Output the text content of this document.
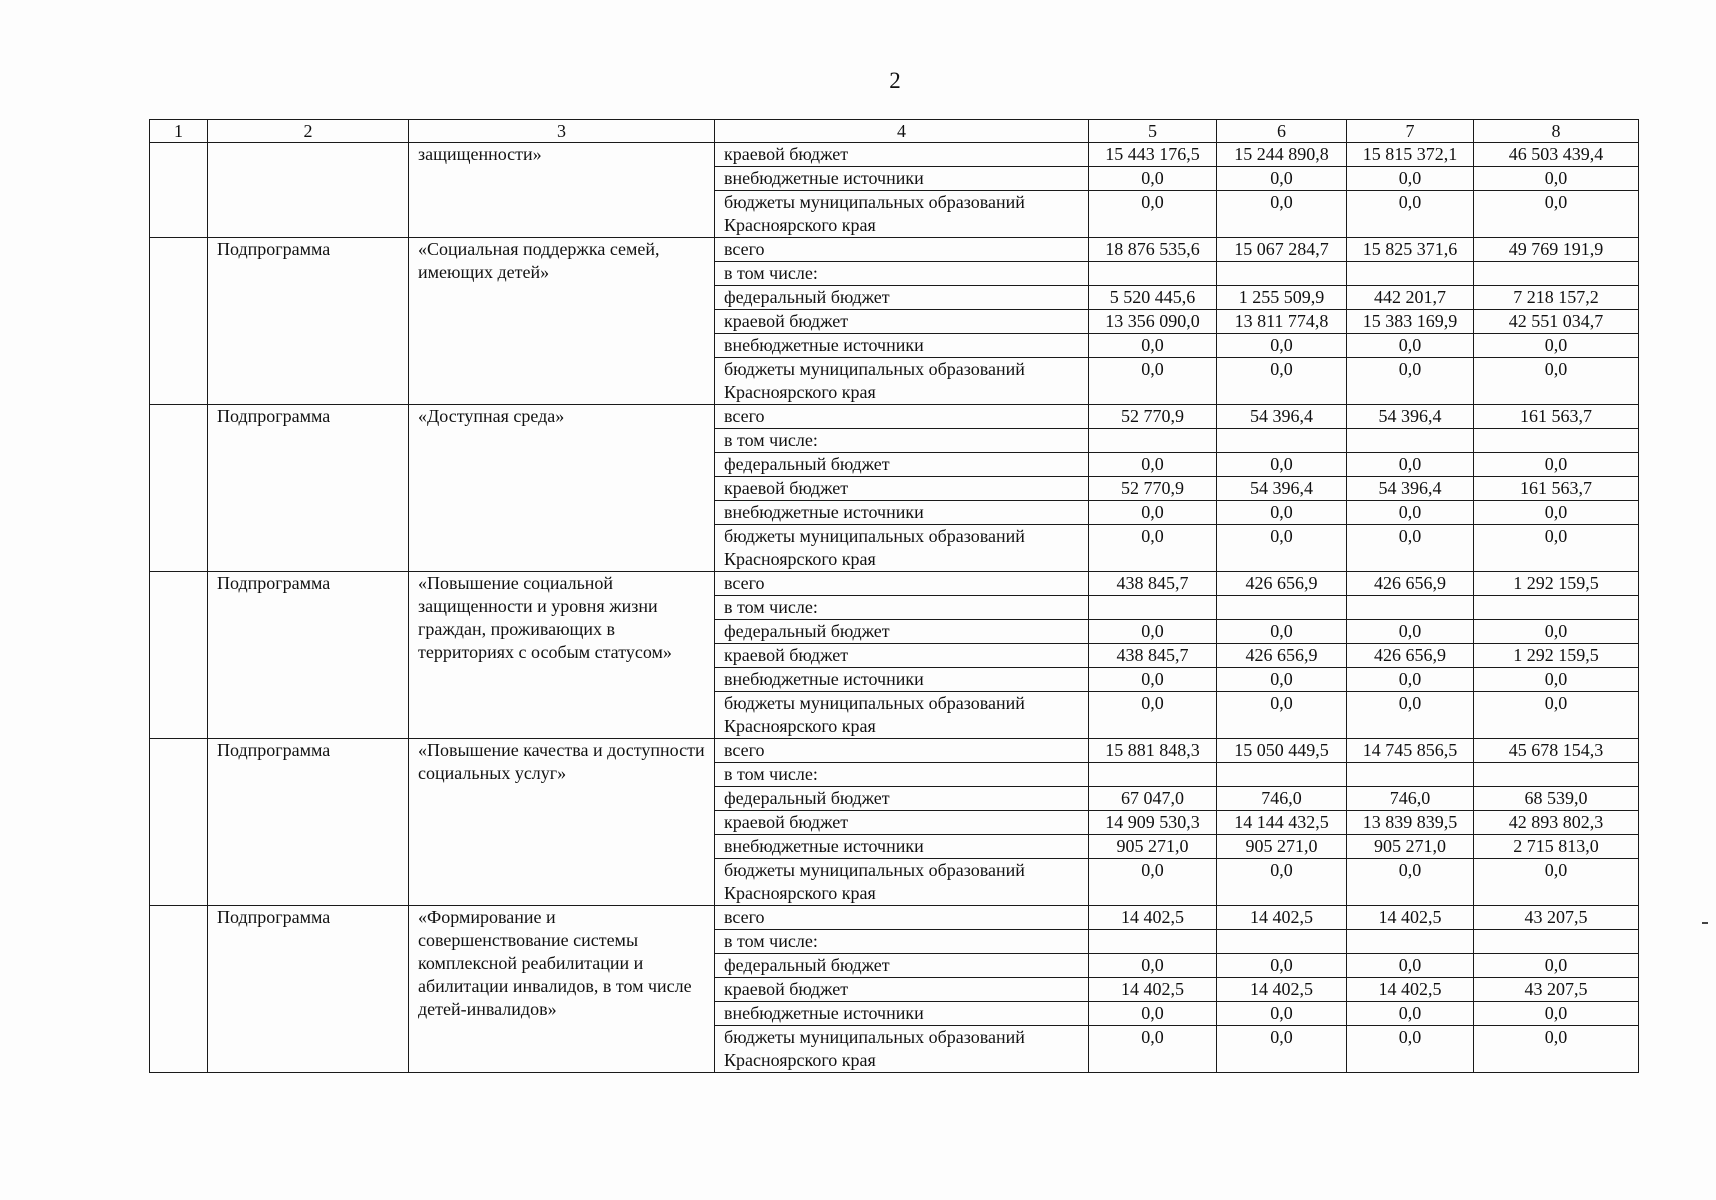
2
1	2	3	4	5	6	7	8
		защищенности»	краевой бюджет	15 443 176,5	15 244 890,8	15 815 372,1	46 503 439,4
			внебюджетные источники	0,0	0,0	0,0	0,0
			бюджеты муниципальных образований Красноярского края	0,0	0,0	0,0	0,0
	Подпрограмма	«Социальная поддержка семей, имеющих детей»	всего	18 876 535,6	15 067 284,7	15 825 371,6	49 769 191,9
			в том числе:				
			федеральный бюджет	5 520 445,6	1 255 509,9	442 201,7	7 218 157,2
			краевой бюджет	13 356 090,0	13 811 774,8	15 383 169,9	42 551 034,7
			внебюджетные источники	0,0	0,0	0,0	0,0
			бюджеты муниципальных образований Красноярского края	0,0	0,0	0,0	0,0
	Подпрограмма	«Доступная среда»	всего	52 770,9	54 396,4	54 396,4	161 563,7
			в том числе:				
			федеральный бюджет	0,0	0,0	0,0	0,0
			краевой бюджет	52 770,9	54 396,4	54 396,4	161 563,7
			внебюджетные источники	0,0	0,0	0,0	0,0
			бюджеты муниципальных образований Красноярского края	0,0	0,0	0,0	0,0
	Подпрограмма	«Повышение социальной защищенности и уровня жизни граждан, проживающих в территориях с особым статусом»	всего	438 845,7	426 656,9	426 656,9	1 292 159,5
			в том числе:				
			федеральный бюджет	0,0	0,0	0,0	0,0
			краевой бюджет	438 845,7	426 656,9	426 656,9	1 292 159,5
			внебюджетные источники	0,0	0,0	0,0	0,0
			бюджеты муниципальных образований Красноярского края	0,0	0,0	0,0	0,0
	Подпрограмма	«Повышение качества и доступности социальных услуг»	всего	15 881 848,3	15 050 449,5	14 745 856,5	45 678 154,3
			в том числе:				
			федеральный бюджет	67 047,0	746,0	746,0	68 539,0
			краевой бюджет	14 909 530,3	14 144 432,5	13 839 839,5	42 893 802,3
			внебюджетные источники	905 271,0	905 271,0	905 271,0	2 715 813,0
			бюджеты муниципальных образований Красноярского края	0,0	0,0	0,0	0,0
	Подпрограмма	«Формирование и совершенствование системы комплексной реабилитации и абилитации инвалидов, в том числе детей-инвалидов»	всего	14 402,5	14 402,5	14 402,5	43 207,5
			в том числе:				
			федеральный бюджет	0,0	0,0	0,0	0,0
			краевой бюджет	14 402,5	14 402,5	14 402,5	43 207,5
			внебюджетные источники	0,0	0,0	0,0	0,0
			бюджеты муниципальных образований Красноярского края	0,0	0,0	0,0	0,0
